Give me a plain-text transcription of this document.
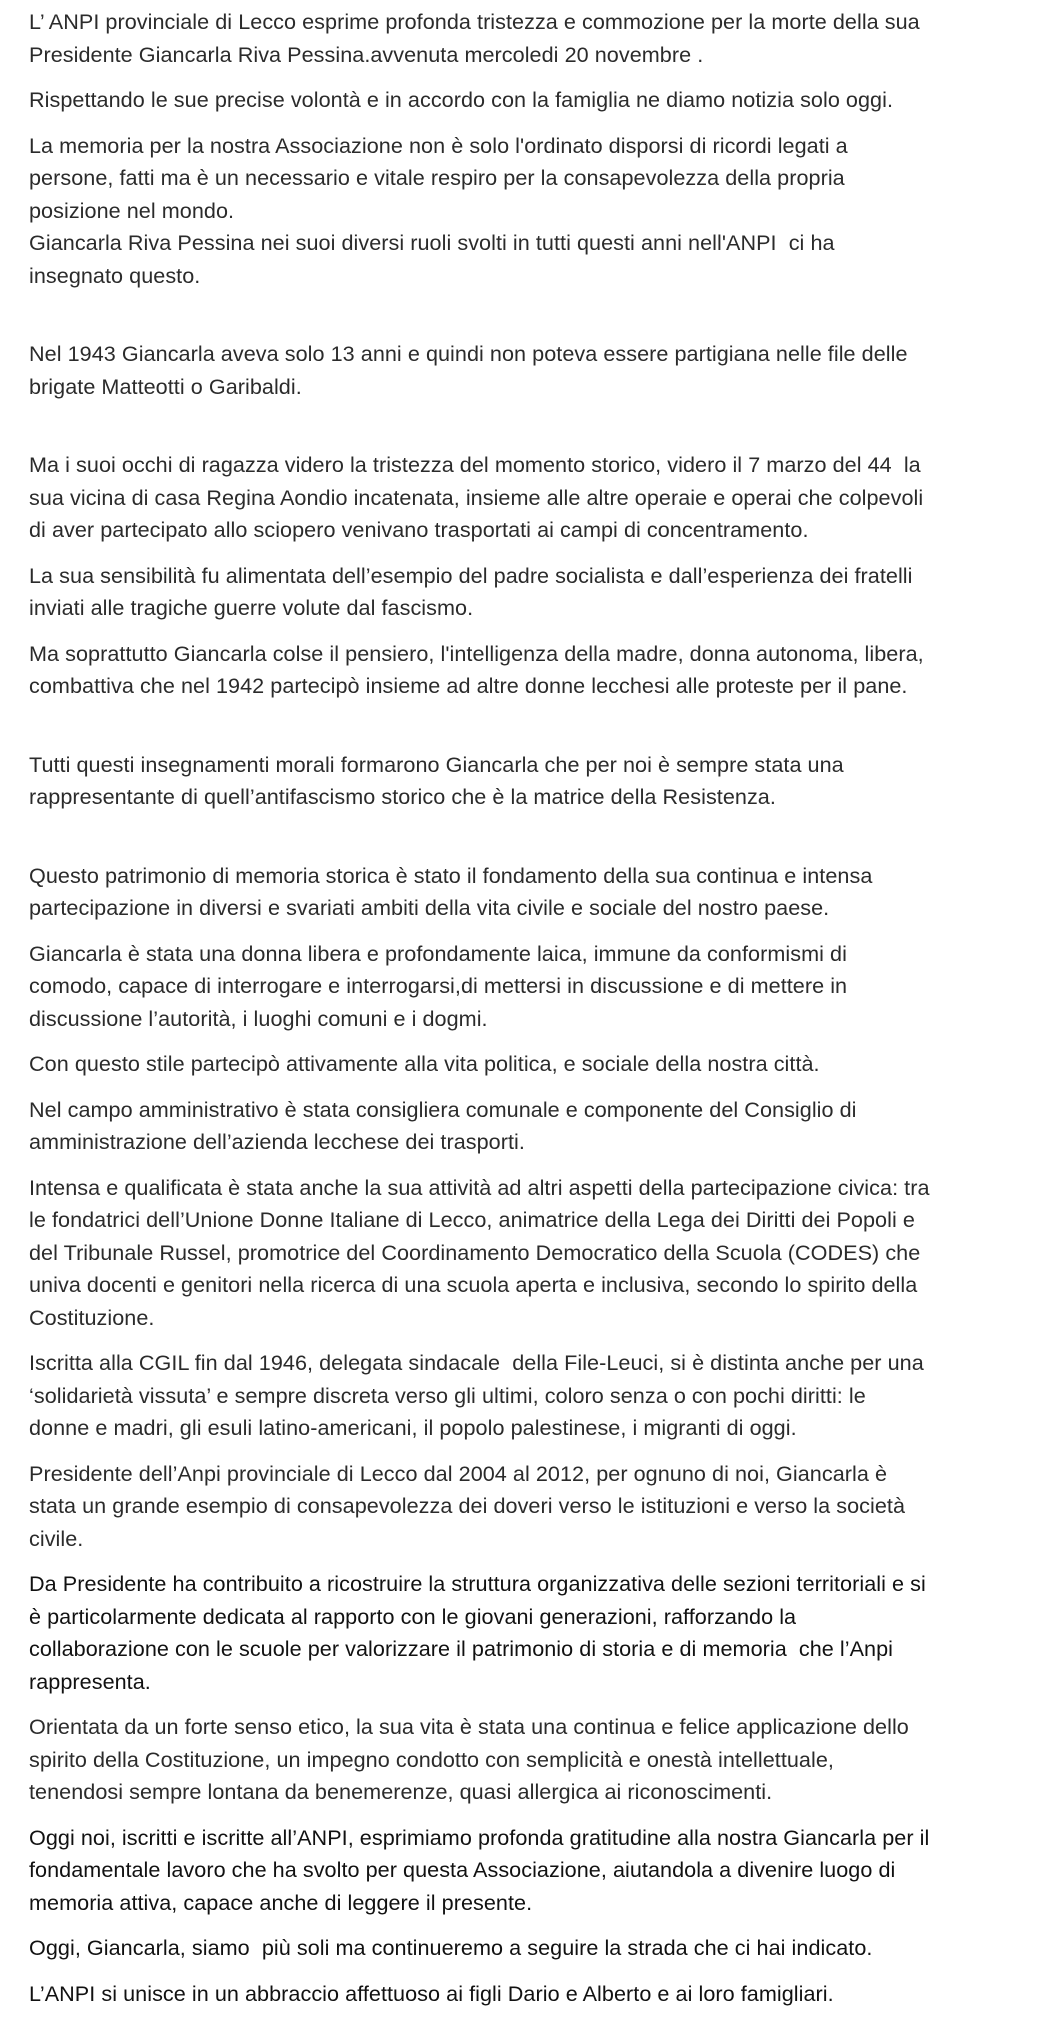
L’ ANPI provinciale di Lecco esprime profonda tristezza e commozione per la morte della sua
Presidente Giancarla Riva Pessina.avvenuta mercoledi 20 novembre .

Rispettando le sue precise volontà e in accordo con la famiglia ne diamo notizia solo oggi.

La memoria per la nostra Associazione non è solo l'ordinato disporsi di ricordi legati a
persone, fatti ma è un necessario e vitale respiro per la consapevolezza della propria
posizione nel mondo.
Giancarla Riva Pessina nei suoi diversi ruoli svolti in tutti questi anni nell'ANPI  ci ha
insegnato questo.

Nel 1943 Giancarla aveva solo 13 anni e quindi non poteva essere partigiana nelle file delle
brigate Matteotti o Garibaldi.

Ma i suoi occhi di ragazza videro la tristezza del momento storico, videro il 7 marzo del 44  la
sua vicina di casa Regina Aondio incatenata, insieme alle altre operaie e operai che colpevoli
di aver partecipato allo sciopero venivano trasportati ai campi di concentramento.

La sua sensibilità fu alimentata dell’esempio del padre socialista e dall’esperienza dei fratelli
inviati alle tragiche guerre volute dal fascismo.

Ma soprattutto Giancarla colse il pensiero, l'intelligenza della madre, donna autonoma, libera,
combattiva che nel 1942 partecipò insieme ad altre donne lecchesi alle proteste per il pane.

Tutti questi insegnamenti morali formarono Giancarla che per noi è sempre stata una
rappresentante di quell’antifascismo storico che è la matrice della Resistenza.

Questo patrimonio di memoria storica è stato il fondamento della sua continua e intensa
partecipazione in diversi e svariati ambiti della vita civile e sociale del nostro paese.

Giancarla è stata una donna libera e profondamente laica, immune da conformismi di
comodo, capace di interrogare e interrogarsi,di mettersi in discussione e di mettere in
discussione l’autorità, i luoghi comuni e i dogmi.

Con questo stile partecipò attivamente alla vita politica, e sociale della nostra città.

Nel campo amministrativo è stata consigliera comunale e componente del Consiglio di
amministrazione dell’azienda lecchese dei trasporti.

Intensa e qualificata è stata anche la sua attività ad altri aspetti della partecipazione civica: tra
le fondatrici dell’Unione Donne Italiane di Lecco, animatrice della Lega dei Diritti dei Popoli e
del Tribunale Russel, promotrice del Coordinamento Democratico della Scuola (CODES) che
univa docenti e genitori nella ricerca di una scuola aperta e inclusiva, secondo lo spirito della
Costituzione.

Iscritta alla CGIL fin dal 1946, delegata sindacale  della File-Leuci, si è distinta anche per una
‘solidarietà vissuta’ e sempre discreta verso gli ultimi, coloro senza o con pochi diritti: le
donne e madri, gli esuli latino-americani, il popolo palestinese, i migranti di oggi.

Presidente dell’Anpi provinciale di Lecco dal 2004 al 2012, per ognuno di noi, Giancarla è
stata un grande esempio di consapevolezza dei doveri verso le istituzioni e verso la società
civile.

Da Presidente ha contribuito a ricostruire la struttura organizzativa delle sezioni territoriali e si
è particolarmente dedicata al rapporto con le giovani generazioni, rafforzando la
collaborazione con le scuole per valorizzare il patrimonio di storia e di memoria  che l’Anpi
rappresenta.

Orientata da un forte senso etico, la sua vita è stata una continua e felice applicazione dello
spirito della Costituzione, un impegno condotto con semplicità e onestà intellettuale,
tenendosi sempre lontana da benemerenze, quasi allergica ai riconoscimenti.

Oggi noi, iscritti e iscritte all’ANPI, esprimiamo profonda gratitudine alla nostra Giancarla per il
fondamentale lavoro che ha svolto per questa Associazione, aiutandola a divenire luogo di
memoria attiva, capace anche di leggere il presente.

Oggi, Giancarla, siamo  più soli ma continueremo a seguire la strada che ci hai indicato.

L’ANPI si unisce in un abbraccio affettuoso ai figli Dario e Alberto e ai loro famigliari.
